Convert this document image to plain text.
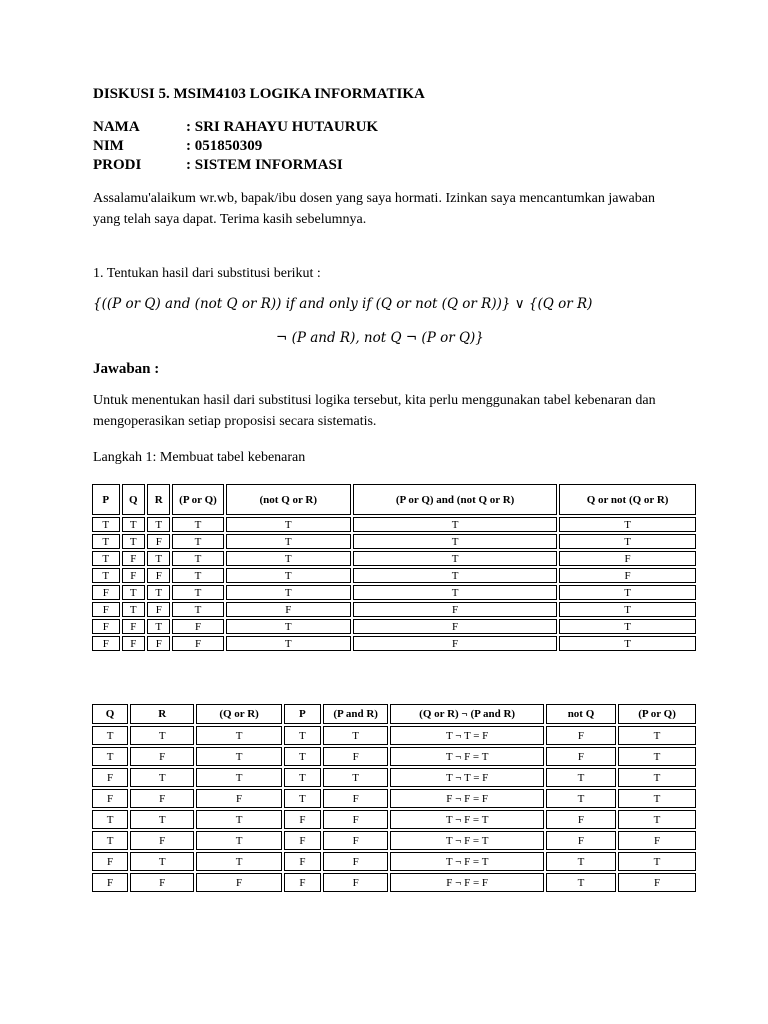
DISKUSI 5. MSIM4103 LOGIKA INFORMATIKA
NAMA	: SRI RAHAYU HUTAURUK
NIM	: 051850309
PRODI	: SISTEM INFORMASI
Assalamu'alaikum wr.wb, bapak/ibu dosen yang saya hormati. Izinkan saya mencantumkan jawaban yang telah saya dapat. Terima kasih sebelumnya.
1. Tentukan hasil dari substitusi berikut :
{((P or Q) and (not Q or R)) if and only if (Q or not (Q or R))} ∨ {(Q or R)
¬ (P and R), not Q ¬ (P or Q)}
Jawaban :
Untuk menentukan hasil dari substitusi logika tersebut, kita perlu menggunakan tabel kebenaran dan mengoperasikan setiap proposisi secara sistematis.
Langkah 1: Membuat tabel kebenaran
P	Q	R	(P or Q)	(not Q or R)	(P or Q) and (not Q or R)	Q or not (Q or R)
T	T	T	T	T	T	T
T	T	F	T	T	T	T
T	F	T	T	T	T	F
T	F	F	T	T	T	F
F	T	T	T	T	T	T
F	T	F	T	F	F	T
F	F	T	F	T	F	T
F	F	F	F	T	F	T
Q	R	(Q or R)	P	(P and R)	(Q or R) ¬ (P and R)	not Q	(P or Q)
T	T	T	T	T	T ¬ T = F	F	T
T	F	T	T	F	T ¬ F = T	F	T
F	T	T	T	T	T ¬ T = F	T	T
F	F	F	T	F	F ¬ F = F	T	T
T	T	T	F	F	T ¬ F = T	F	T
T	F	T	F	F	T ¬ F = T	F	F
F	T	T	F	F	T ¬ F = T	T	T
F	F	F	F	F	F ¬ F = F	T	F
